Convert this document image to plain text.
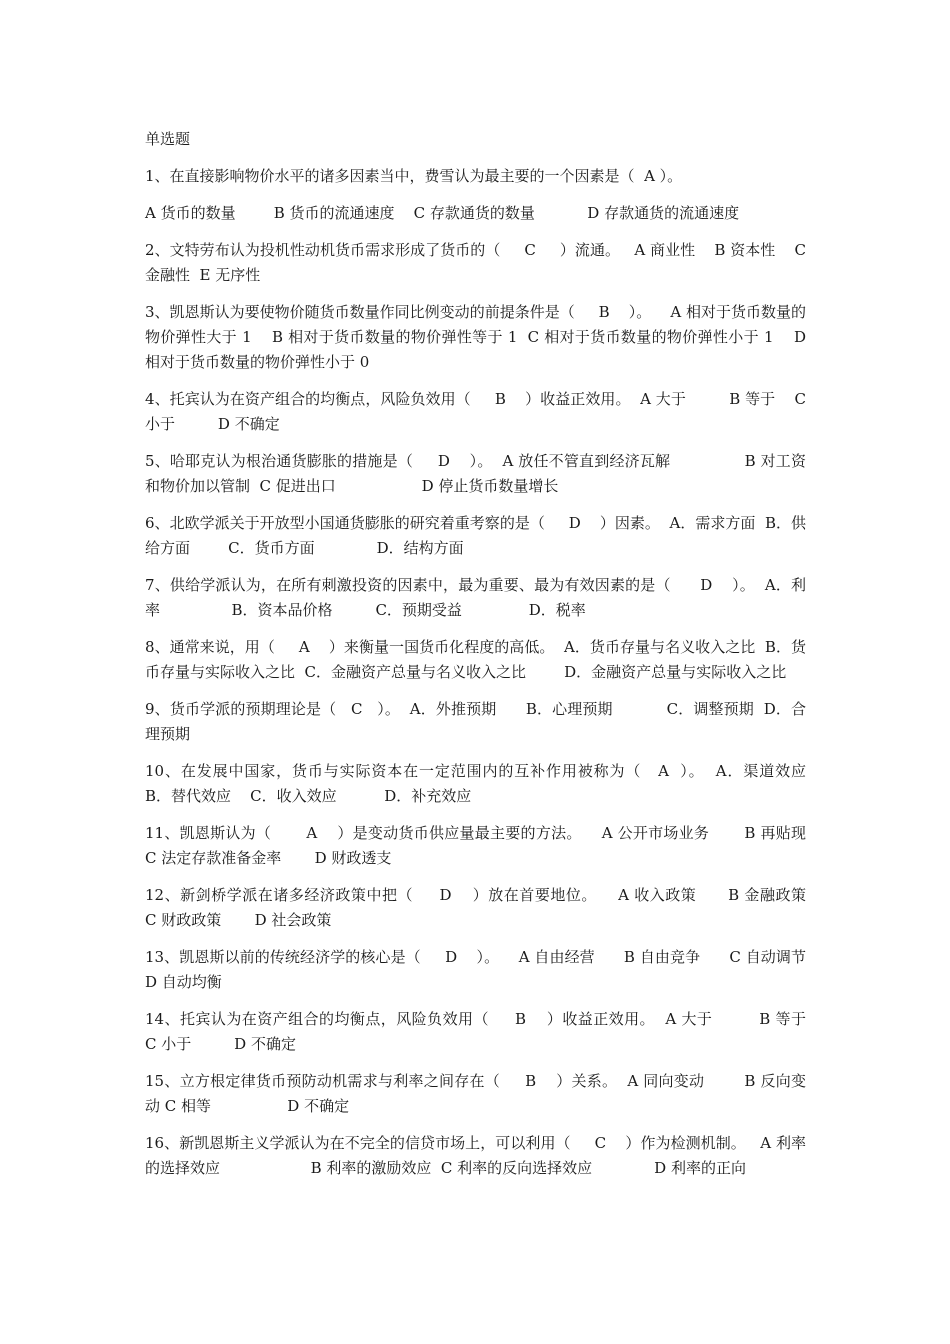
单选题
1、在直接影响物价水平的诸多因素当中，费雪认为最主要的一个因素是（  A ）。
A 货币的数量        B 货币的流通速度    C 存款通货的数量           D 存款通货的流通速度
2、文特劳布认为投机性动机货币需求形成了货币的（     C     ）流通。   A 商业性    B 资本性    C 金融性  E 无序性
3、凯恩斯认为要使物价随货币数量作同比例变动的前提条件是（     B    ）。    A 相对于货币数量的物价弹性大于 1    B 相对于货币数量的物价弹性等于 1  C 相对于货币数量的物价弹性小于 1    D 相对于货币数量的物价弹性小于 0
4、托宾认为在资产组合的均衡点，风险负效用（     B    ）收益正效用。  A 大于         B 等于    C 小于         D 不确定
5、哈耶克认为根治通货膨胀的措施是（     D    ）。  A 放任不管直到经济瓦解               B 对工资和物价加以管制  C 促进出口                  D 停止货币数量增长
6、北欧学派关于开放型小国通货膨胀的研究着重考察的是（     D    ）因素。  A．需求方面  B．供给方面        C．货币方面             D．结构方面
7、供给学派认为，在所有刺激投资的因素中，最为重要、最为有效因素的是（      D    ）。  A．利率               B．资本品价格         C．预期受益              D．税率
8、通常来说，用（     A    ）来衡量一国货币化程度的高低。  A．货币存量与名义收入之比  B．货币存量与实际收入之比  C．金融资产总量与名义收入之比        D．金融资产总量与实际收入之比
9、货币学派的预期理论是（   C   ）。  A．外推预期      B．心理预期           C．调整预期  D．合理预期
10、在发展中国家，货币与实际资本在一定范围内的互补作用被称为（   A  ）。  A．渠道效应          B．替代效应    C．收入效应          D．补充效应
11、凯恩斯认为（       A    ）是变动货币供应量最主要的方法。    A 公开市场业务       B 再贴现      C 法定存款准备金率       D 财政透支
12、新剑桥学派在诸多经济政策中把（     D    ）放在首要地位。    A 收入政策      B 金融政策      C 财政政策       D 社会政策
13、凯恩斯以前的传统经济学的核心是（     D    ）。    A 自由经营      B 自由竞争      C 自动调节     D 自动均衡
14、托宾认为在资产组合的均衡点，风险负效用（     B    ）收益正效用。  A 大于         B 等于    C 小于         D 不确定
15、立方根定律货币预防动机需求与利率之间存在（     B    ）关系。  A 同向变动        B 反向变动 C 相等                D 不确定
16、新凯恩斯主义学派认为在不完全的信贷市场上，可以利用（     C    ）作为检测机制。   A 利率的选择效应                   B 利率的激励效应  C 利率的反向选择效应             D 利率的正向
